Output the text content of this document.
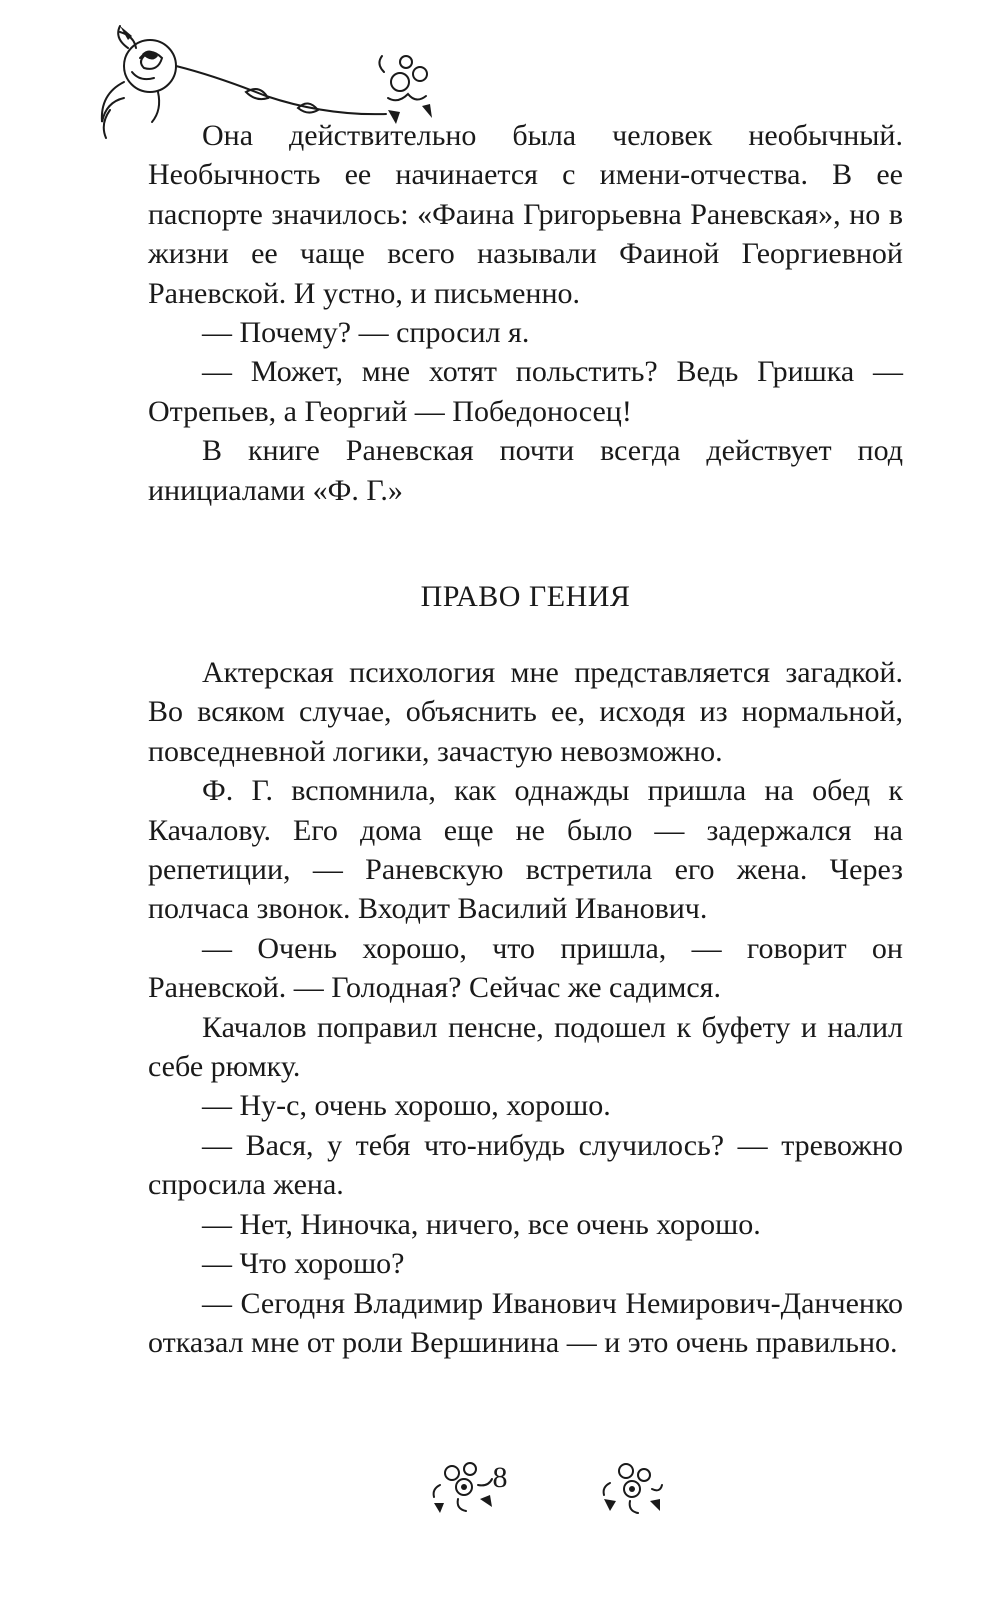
Она действительно была человек необычный. Необычность ее начинается с имени-отчества. В ее паспорте значилось: «Фаина Григорьевна Раневская», но в жизни ее чаще всего называли Фаиной Георгиевной Раневской. И устно, и письменно.

— Почему? — спросил я.

— Может, мне хотят польстить? Ведь Гришка — Отрепьев, а Георгий — Победоносец!

В книге Раневская почти всегда действует под инициалами «Ф. Г.»

ПРАВО ГЕНИЯ

Актерская психология мне представляется загадкой. Во всяком случае, объяснить ее, исходя из нормальной, повседневной логики, зачастую невозможно.

Ф. Г. вспомнила, как однажды пришла на обед к Качалову. Его дома еще не было — задержался на репетиции, — Раневскую встретила его жена. Через полчаса звонок. Входит Василий Иванович.

— Очень хорошо, что пришла, — говорит он Раневской. — Голодная? Сейчас же садимся.

Качалов поправил пенсне, подошел к буфету и налил себе рюмку.

— Ну-с, очень хорошо, хорошо.

— Вася, у тебя что-нибудь случилось? — тревожно спросила жена.

— Нет, Ниночка, ничего, все очень хорошо.

— Что хорошо?

— Сегодня Владимир Иванович Немирович-Данченко отказал мне от роли Вершинина — и это очень правильно.

8
